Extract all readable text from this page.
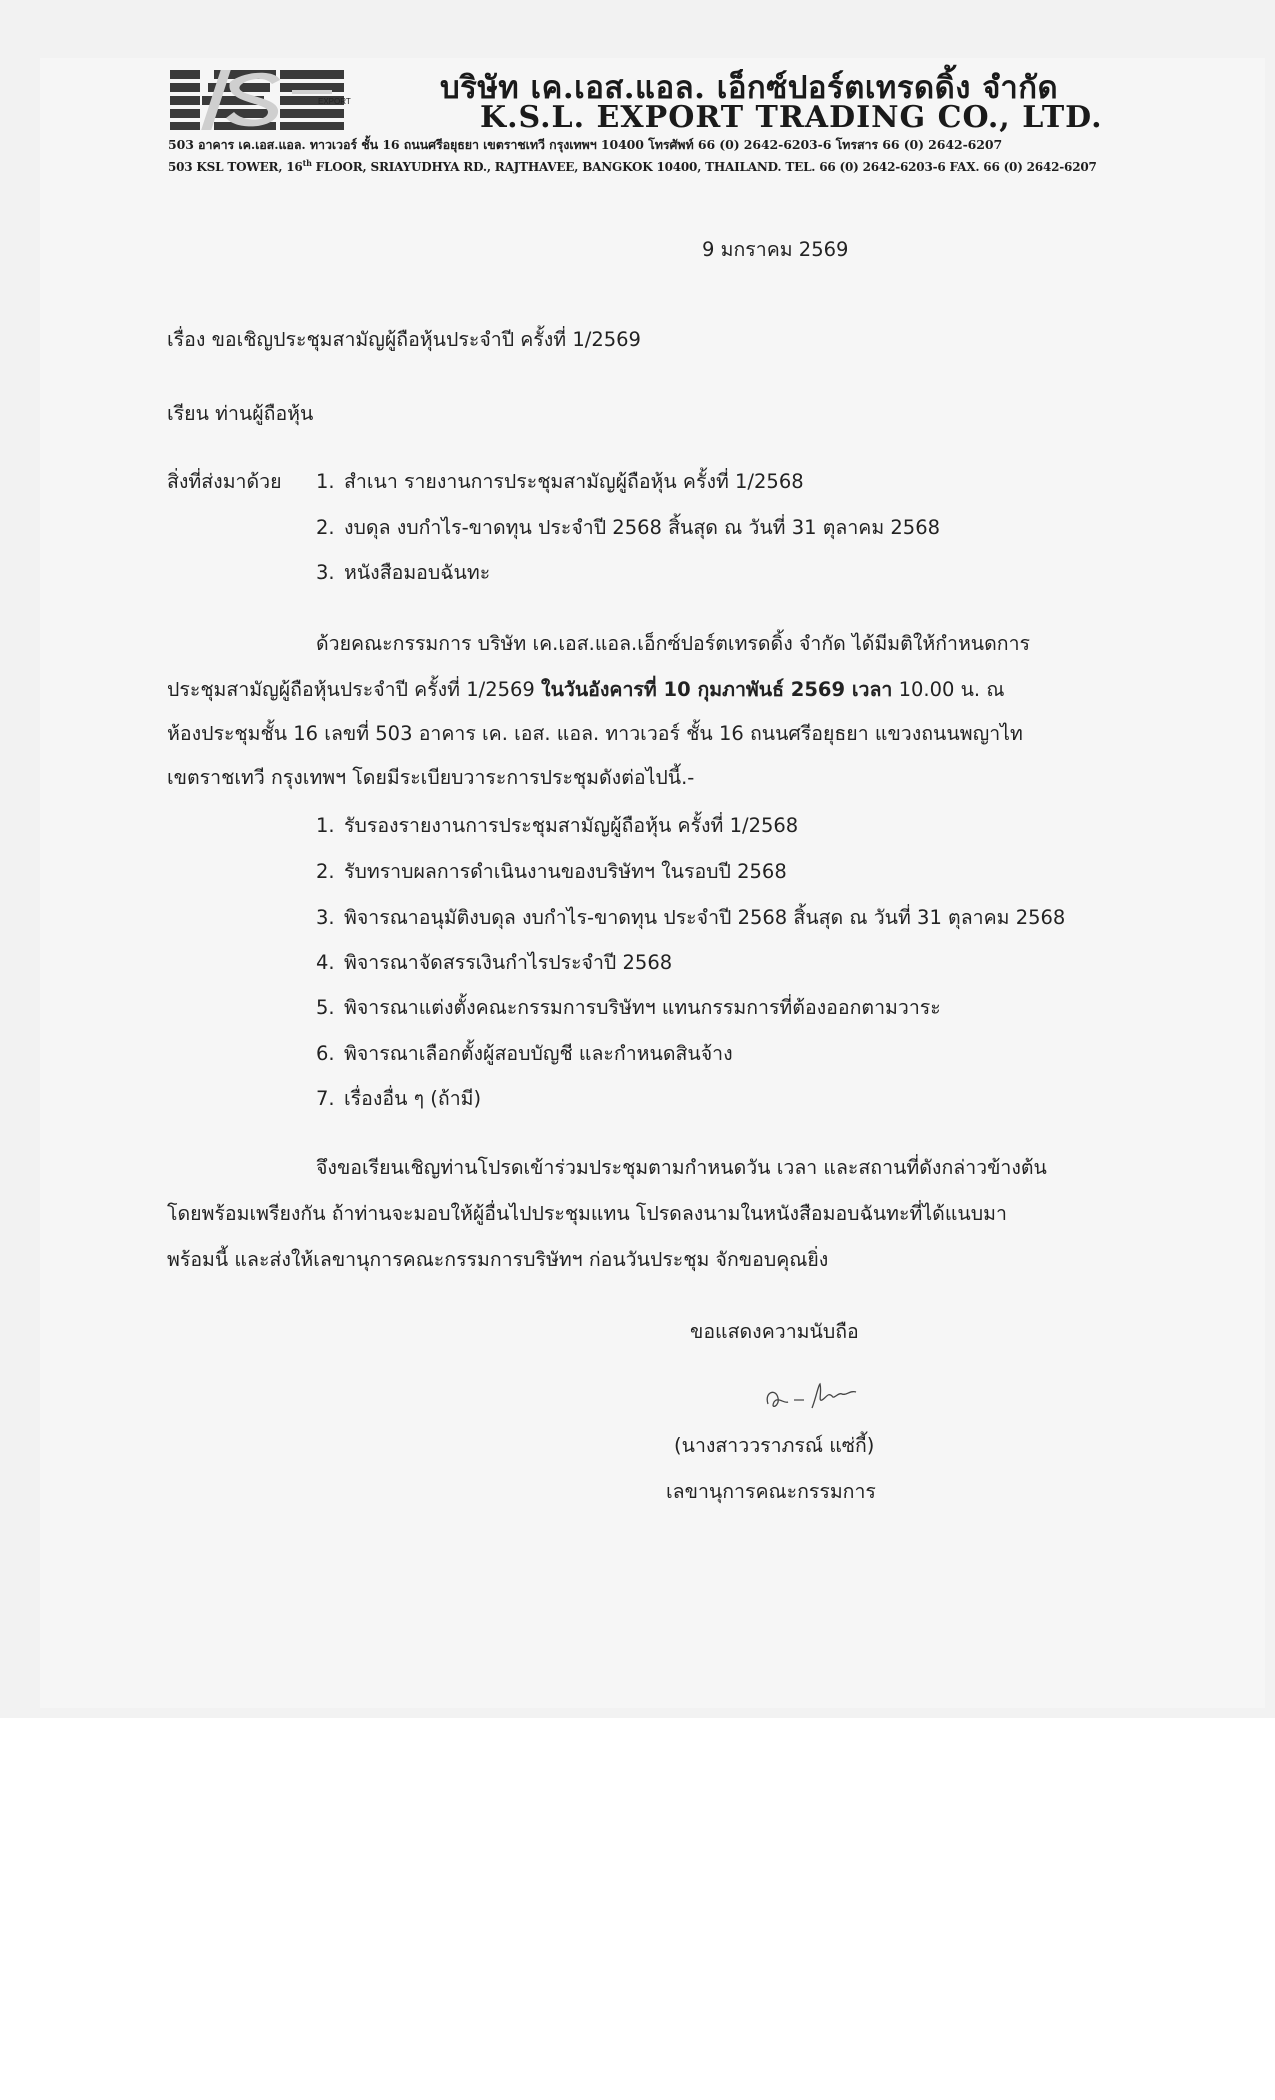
EXPORT	บริษัท เค.เอส.แอล. เอ็กซ์ปอร์ตเทรดดิ้ง จำกัด
K.S.L. EXPORT TRADING CO., LTD.
503 อาคาร เค.เอส.แอล. ทาวเวอร์ ชั้น 16 ถนนศรีอยุธยา เขตราชเทวี กรุงเทพฯ 10400 โทรศัพท์ 66 (0) 2642-6203-6 โทรสาร 66 (0) 2642-6207
503 KSL TOWER, 16th FLOOR, SRIAYUDHYA RD., RAJTHAVEE, BANGKOK 10400, THAILAND. TEL. 66 (0) 2642-6203-6 FAX. 66 (0) 2642-6207
9 มกราคม 2569
เรื่อง ขอเชิญประชุมสามัญผู้ถือหุ้นประจำปี ครั้งที่ 1/2569
เรียน ท่านผู้ถือหุ้น
สิ่งที่ส่งมาด้วย 1. สำเนา รายงานการประชุมสามัญผู้ถือหุ้น ครั้งที่ 1/2568
2. งบดุล งบกำไร-ขาดทุน ประจำปี 2568 สิ้นสุด ณ วันที่ 31 ตุลาคม 2568
3. หนังสือมอบฉันทะ
ด้วยคณะกรรมการ บริษัท เค.เอส.แอล.เอ็กซ์ปอร์ตเทรดดิ้ง จำกัด ได้มีมติให้กำหนดการ
ประชุมสามัญผู้ถือหุ้นประจำปี ครั้งที่ 1/2569 ในวันอังคารที่ 10 กุมภาพันธ์ 2569 เวลา 10.00 น. ณ
ห้องประชุมชั้น 16 เลขที่ 503 อาคาร เค. เอส. แอล. ทาวเวอร์ ชั้น 16 ถนนศรีอยุธยา แขวงถนนพญาไท
เขตราชเทวี กรุงเทพฯ โดยมีระเบียบวาระการประชุมดังต่อไปนี้.-
1. รับรองรายงานการประชุมสามัญผู้ถือหุ้น ครั้งที่ 1/2568
2. รับทราบผลการดำเนินงานของบริษัทฯ ในรอบปี 2568
3. พิจารณาอนุมัติงบดุล งบกำไร-ขาดทุน ประจำปี 2568 สิ้นสุด ณ วันที่ 31 ตุลาคม 2568
4. พิจารณาจัดสรรเงินกำไรประจำปี 2568
5. พิจารณาแต่งตั้งคณะกรรมการบริษัทฯ แทนกรรมการที่ต้องออกตามวาระ
6. พิจารณาเลือกตั้งผู้สอบบัญชี และกำหนดสินจ้าง
7. เรื่องอื่น ๆ (ถ้ามี)
จึงขอเรียนเชิญท่านโปรดเข้าร่วมประชุมตามกำหนดวัน เวลา และสถานที่ดังกล่าวข้างต้น
โดยพร้อมเพรียงกัน ถ้าท่านจะมอบให้ผู้อื่นไปประชุมแทน โปรดลงนามในหนังสือมอบฉันทะที่ได้แนบมา
พร้อมนี้ และส่งให้เลขานุการคณะกรรมการบริษัทฯ ก่อนวันประชุม จักขอบคุณยิ่ง
ขอแสดงความนับถือ
(นางสาววราภรณ์ แซ่กี้)
เลขานุการคณะกรรมการ
